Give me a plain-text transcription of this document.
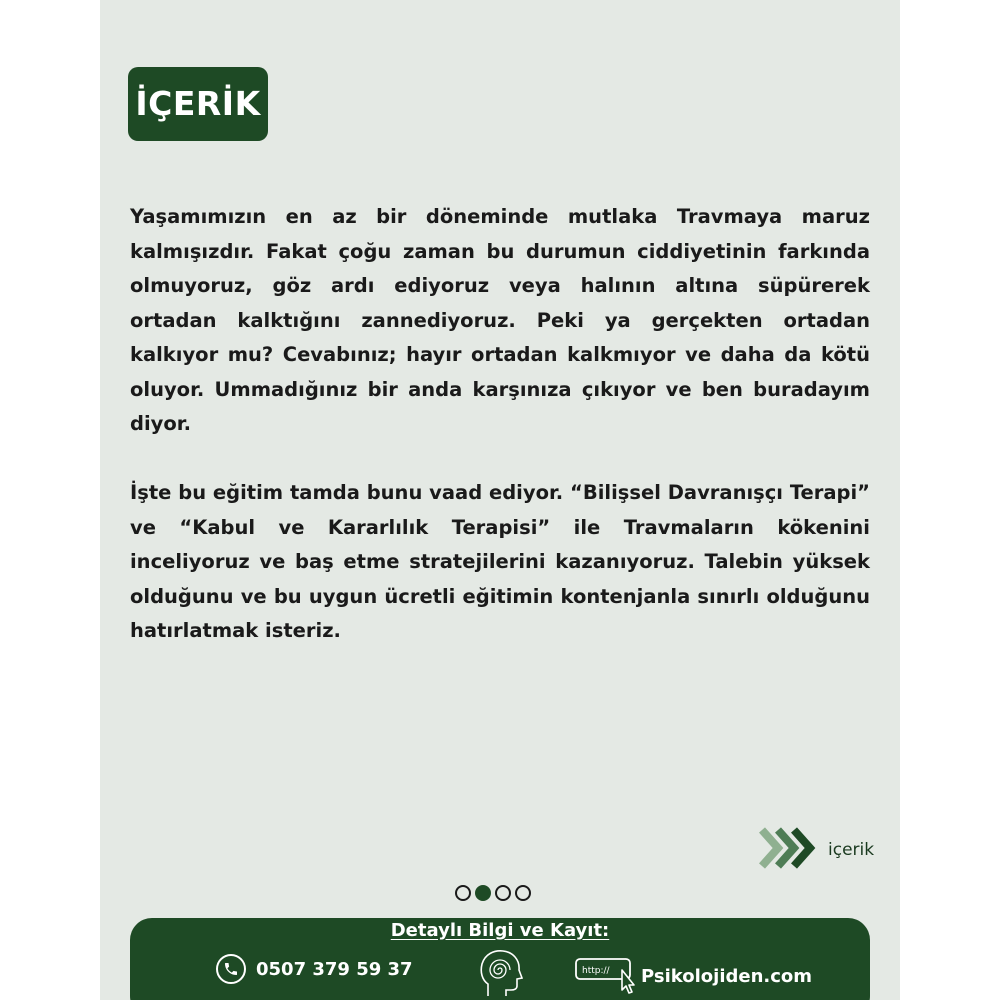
İÇERİK

Yaşamımızın en az bir döneminde mutlaka Travmaya maruz kalmışızdır. Fakat çoğu zaman bu durumun ciddiyetinin farkında olmuyoruz, göz ardı ediyoruz veya halının altına süpürerek ortadan kalktığını zannediyoruz. Peki ya gerçekten ortadan kalkıyor mu? Cevabınız; hayır ortadan kalkmıyor ve daha da kötü oluyor. Ummadığınız bir anda karşınıza çıkıyor ve ben buradayım diyor.

İşte bu eğitim tamda bunu vaad ediyor. “Bilişsel Davranışçı Terapi” ve “Kabul ve Kararlılık Terapisi” ile Travmaların kökenini inceliyoruz ve baş etme stratejilerini kazanıyoruz. Talebin yüksek olduğunu ve bu uygun ücretli eğitimin kontenjanla sınırlı olduğunu hatırlatmak isteriz.

içerik
Detaylı Bilgi ve Kayıt:
0507 379 59 37	http:// Psikolojiden.com
